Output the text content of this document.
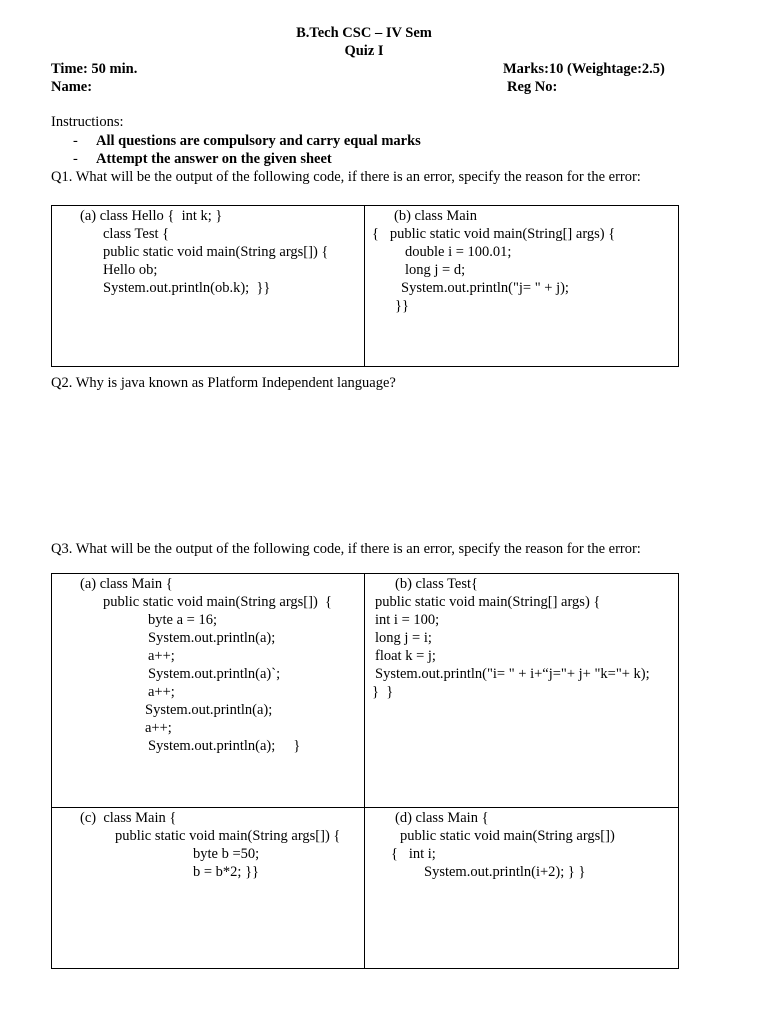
B.Tech CSC – IV Sem
Quiz I
Time: 50 min.	Marks:10 (Weightage:2.5)
Name:	Reg No:
Instructions:
- All questions are compulsory and carry equal marks
- Attempt the answer on the given sheet
Q1. What will be the output of the following code, if there is an error, specify the reason for the error:
(a) class Hello {  int k; }
class Test {
public static void main(String args[]) {
Hello ob;
System.out.println(ob.k);  }}
(b) class Main
{   public static void main(String[] args) {
double i = 100.01;
long j = d;
System.out.println("j= " + j);
}}
Q2. Why is java known as Platform Independent language?
Q3. What will be the output of the following code, if there is an error, specify the reason for the error:
(a) class Main {
public static void main(String args[])  {
byte a = 16;
System.out.println(a);
a++;
System.out.println(a)`;
a++;
System.out.println(a);
a++;
System.out.println(a);     }
(b) class Test{
public static void main(String[] args) {
int i = 100;
long j = i;
float k = j;
System.out.println("i= " + i+“j="+ j+ "k="+ k);
}  }
(c)  class Main {
public static void main(String args[]) {
byte b =50;
b = b*2; }}
(d) class Main {
public static void main(String args[])
{   int i;
System.out.println(i+2); } }
